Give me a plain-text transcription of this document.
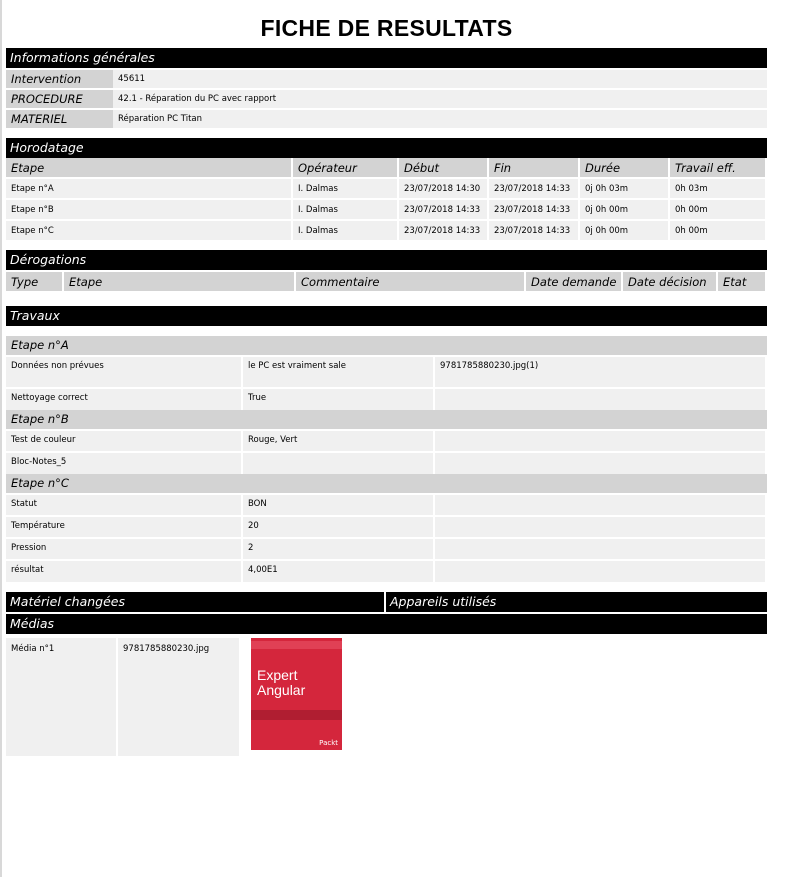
FICHE DE RESULTATS
Informations générales
Intervention	45611
PROCEDURE	42.1 - Réparation du PC avec rapport
MATERIEL	Réparation PC Titan
Horodatage
Etape	Opérateur	Début	Fin	Durée	Travail eff.
Etape n°A	I. Dalmas	23/07/2018 14:30	23/07/2018 14:33	0j 0h 03m	0h 03m
Etape n°B	I. Dalmas	23/07/2018 14:33	23/07/2018 14:33	0j 0h 00m	0h 00m
Etape n°C	I. Dalmas	23/07/2018 14:33	23/07/2018 14:33	0j 0h 00m	0h 00m
Dérogations
Type	Etape	Commentaire	Date demande	Date décision	Etat
Travaux
Etape n°A
Données non prévues	le PC est vraiment sale	9781785880230.jpg(1)
Nettoyage correct	True	
Etape n°B
Test de couleur	Rouge, Vert	
Bloc-Notes_5		
Etape n°C
Statut	BON	
Température	20	
Pression	2	
résultat	4,00E1	
Matériel changées	Appareils utilisés
Médias
Média n°1	9781785880230.jpg		
Expert
Angular
Packt
